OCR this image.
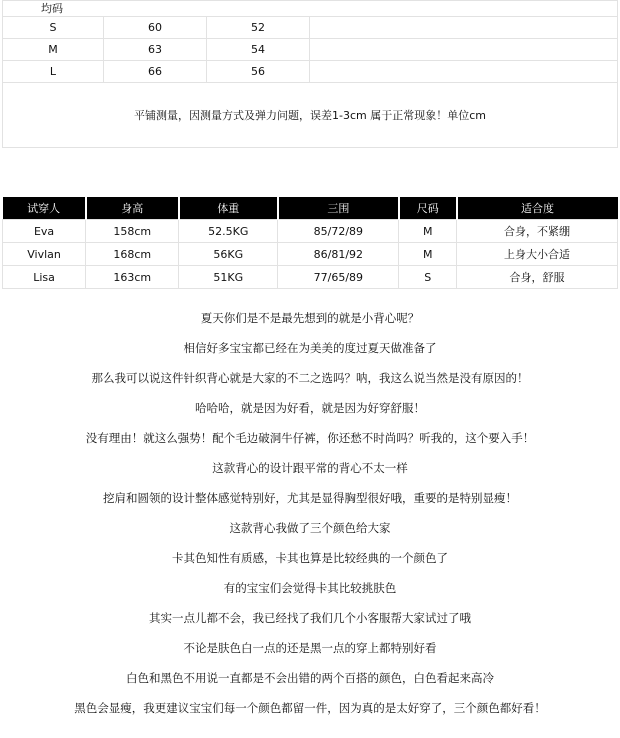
均码			
S	60	52	
M	63	54	
L	66	56	
平铺测量，因测量方式及弹力问题，误差1-3cm 属于正常现象！单位cm			
试穿人	身高	体重	三围	尺码	适合度
Eva	158cm	52.5KG	85/72/89	M	合身，不紧绷
Vivlan	168cm	56KG	86/81/92	M	上身大小合适
Lisa	163cm	51KG	77/65/89	S	合身，舒服

夏天你们是不是最先想到的就是小背心呢？

相信好多宝宝都已经在为美美的度过夏天做准备了

那么我可以说这件针织背心就是大家的不二之选吗？呐，我这么说当然是没有原因的！

哈哈哈，就是因为好看，就是因为好穿舒服！

没有理由！就这么强势！配个毛边破洞牛仔裤，你还愁不时尚吗？听我的，这个要入手！

这款背心的设计跟平常的背心不太一样

挖肩和圆领的设计整体感觉特别好，尤其是显得胸型很好哦，重要的是特别显瘦！

这款背心我做了三个颜色给大家

卡其色知性有质感，卡其也算是比较经典的一个颜色了

有的宝宝们会觉得卡其比较挑肤色

其实一点儿都不会，我已经找了我们几个小客服帮大家试过了哦

不论是肤色白一点的还是黑一点的穿上都特别好看

白色和黑色不用说一直都是不会出错的两个百搭的颜色，白色看起来高冷

黑色会显瘦，我更建议宝宝们每一个颜色都留一件，因为真的是太好穿了，三个颜色都好看！
